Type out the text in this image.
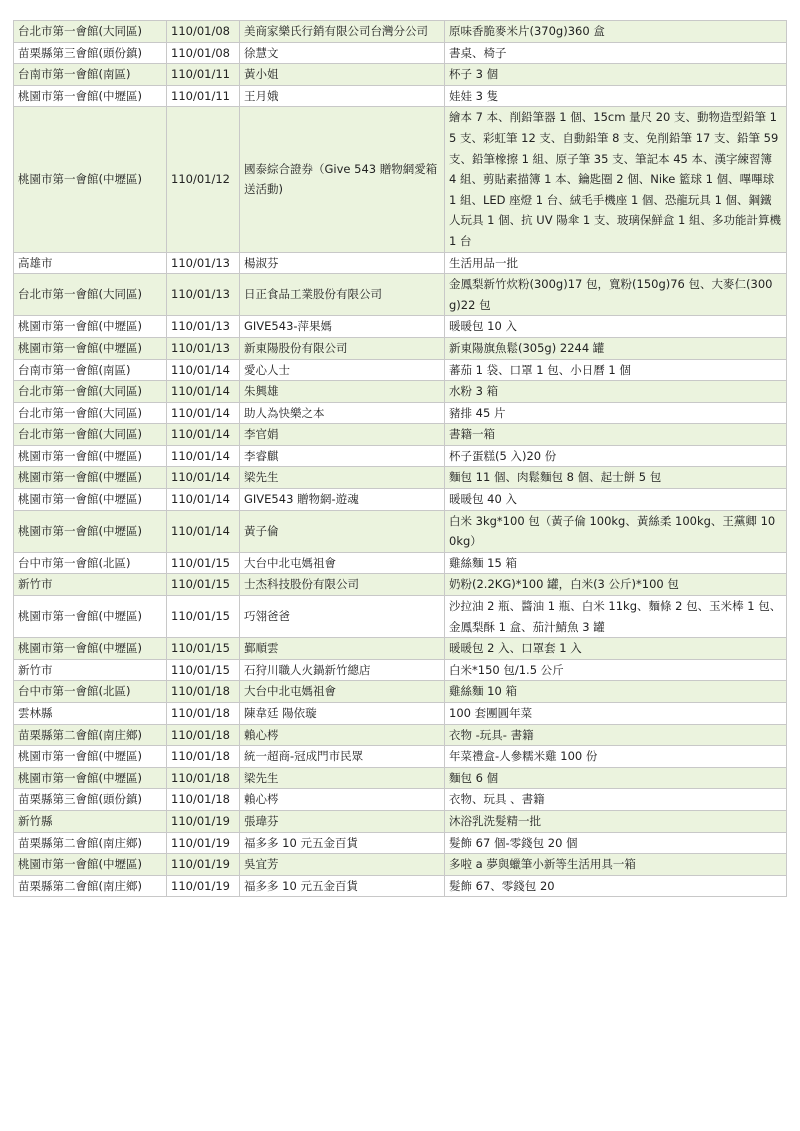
台北市第一會館(大同區)	110/01/08	美商家樂氏行銷有限公司台灣分公司	原味香脆麥米片(370g)360 盒
苗栗縣第三會館(頭份鎮)	110/01/08	徐慧文	書桌、椅子
台南市第一會館(南區)	110/01/11	黃小姐	杯子 3 個
桃園市第一會館(中壢區)	110/01/11	王月娥	娃娃 3 隻
桃園市第一會館(中壢區)	110/01/12	國泰綜合證券（Give 543 贈物網愛箱送活動)	繪本 7 本、削鉛筆器 1 個、15cm 量尺 20 支、動物造型鉛筆 15 支、彩虹筆 12 支、自動鉛筆 8 支、免削鉛筆 17 支、鉛筆 59 支、鉛筆橡擦 1 組、原子筆 35 支、筆記本 45 本、漢字練習簿 4 組、剪貼素描簿 1 本、鑰匙圈 2 個、Nike 籃球 1 個、嗶嗶球 1 組、LED 座燈 1 台、絨毛手機座 1 個、恐龍玩具 1 個、鋼鐵人玩具 1 個、抗 UV 陽傘 1 支、玻璃保鮮盒 1 組、多功能計算機 1 台
高雄市	110/01/13	楊淑芬	生活用品一批
台北市第一會館(大同區)	110/01/13	日正食品工業股份有限公司	金鳳梨新竹炊粉(300g)17 包，寬粉(150g)76 包、大麥仁(300g)22 包
桃園市第一會館(中壢區)	110/01/13	GIVE543-萍果媽	暖暖包 10 入
桃園市第一會館(中壢區)	110/01/13	新東陽股份有限公司	新東陽旗魚鬆(305g) 2244 罐
台南市第一會館(南區)	110/01/14	愛心人士	蕃茄 1 袋、口罩 1 包、小日曆 1 個
台北市第一會館(大同區)	110/01/14	朱興雄	水粉 3 箱
台北市第一會館(大同區)	110/01/14	助人為快樂之本	豬排 45 片
台北市第一會館(大同區)	110/01/14	李官娟	書籍一箱
桃園市第一會館(中壢區)	110/01/14	李睿麒	杯子蛋糕(5 入)20 份
桃園市第一會館(中壢區)	110/01/14	梁先生	麵包 11 個、肉鬆麵包 8 個、起士餅 5 包
桃園市第一會館(中壢區)	110/01/14	GIVE543 贈物網-遊魂	暖暖包 40 入
桃園市第一會館(中壢區)	110/01/14	黃子倫	白米 3kg*100 包（黃子倫 100kg、黃絲柔 100kg、王黨卿 100kg）
台中市第一會館(北區)	110/01/15	大台中北屯媽祖會	雞絲麵 15 箱
新竹市	110/01/15	士杰科技股份有限公司	奶粉(2.2KG)*100 罐，白米(3 公斤)*100 包
桃園市第一會館(中壢區)	110/01/15	巧翎爸爸	沙拉油 2 瓶、醬油 1 瓶、白米 11kg、麵條 2 包、玉米棒 1 包、金鳳梨酥 1 盒、茄汁鯖魚 3 罐
桃園市第一會館(中壢區)	110/01/15	鄞順雲	暖暖包 2 入、口罩套 1 入
新竹市	110/01/15	石狩川職人火鍋新竹總店	白米*150 包/1.5 公斤
台中市第一會館(北區)	110/01/18	大台中北屯媽祖會	雞絲麵 10 箱
雲林縣	110/01/18	陳韋廷 陽依璇	100 套團圓年菜
苗栗縣第二會館(南庄鄉)	110/01/18	賴心梣	衣物 -玩具- 書籍
桃園市第一會館(中壢區)	110/01/18	統一超商-冠成門市民眾	年菜禮盒-人參糯米雞 100 份
桃園市第一會館(中壢區)	110/01/18	梁先生	麵包 6 個
苗栗縣第三會館(頭份鎮)	110/01/18	賴心梣	衣物、玩具 、書籍
新竹縣	110/01/19	張瑋芬	沐浴乳洗髮精一批
苗栗縣第二會館(南庄鄉)	110/01/19	福多多 10 元五金百貨	髮飾 67 個-零錢包 20 個
桃園市第一會館(中壢區)	110/01/19	吳宜芳	多啦 a 夢與蠟筆小新等生活用具一箱
苗栗縣第二會館(南庄鄉)	110/01/19	福多多 10 元五金百貨	髮飾 67、零錢包 20
